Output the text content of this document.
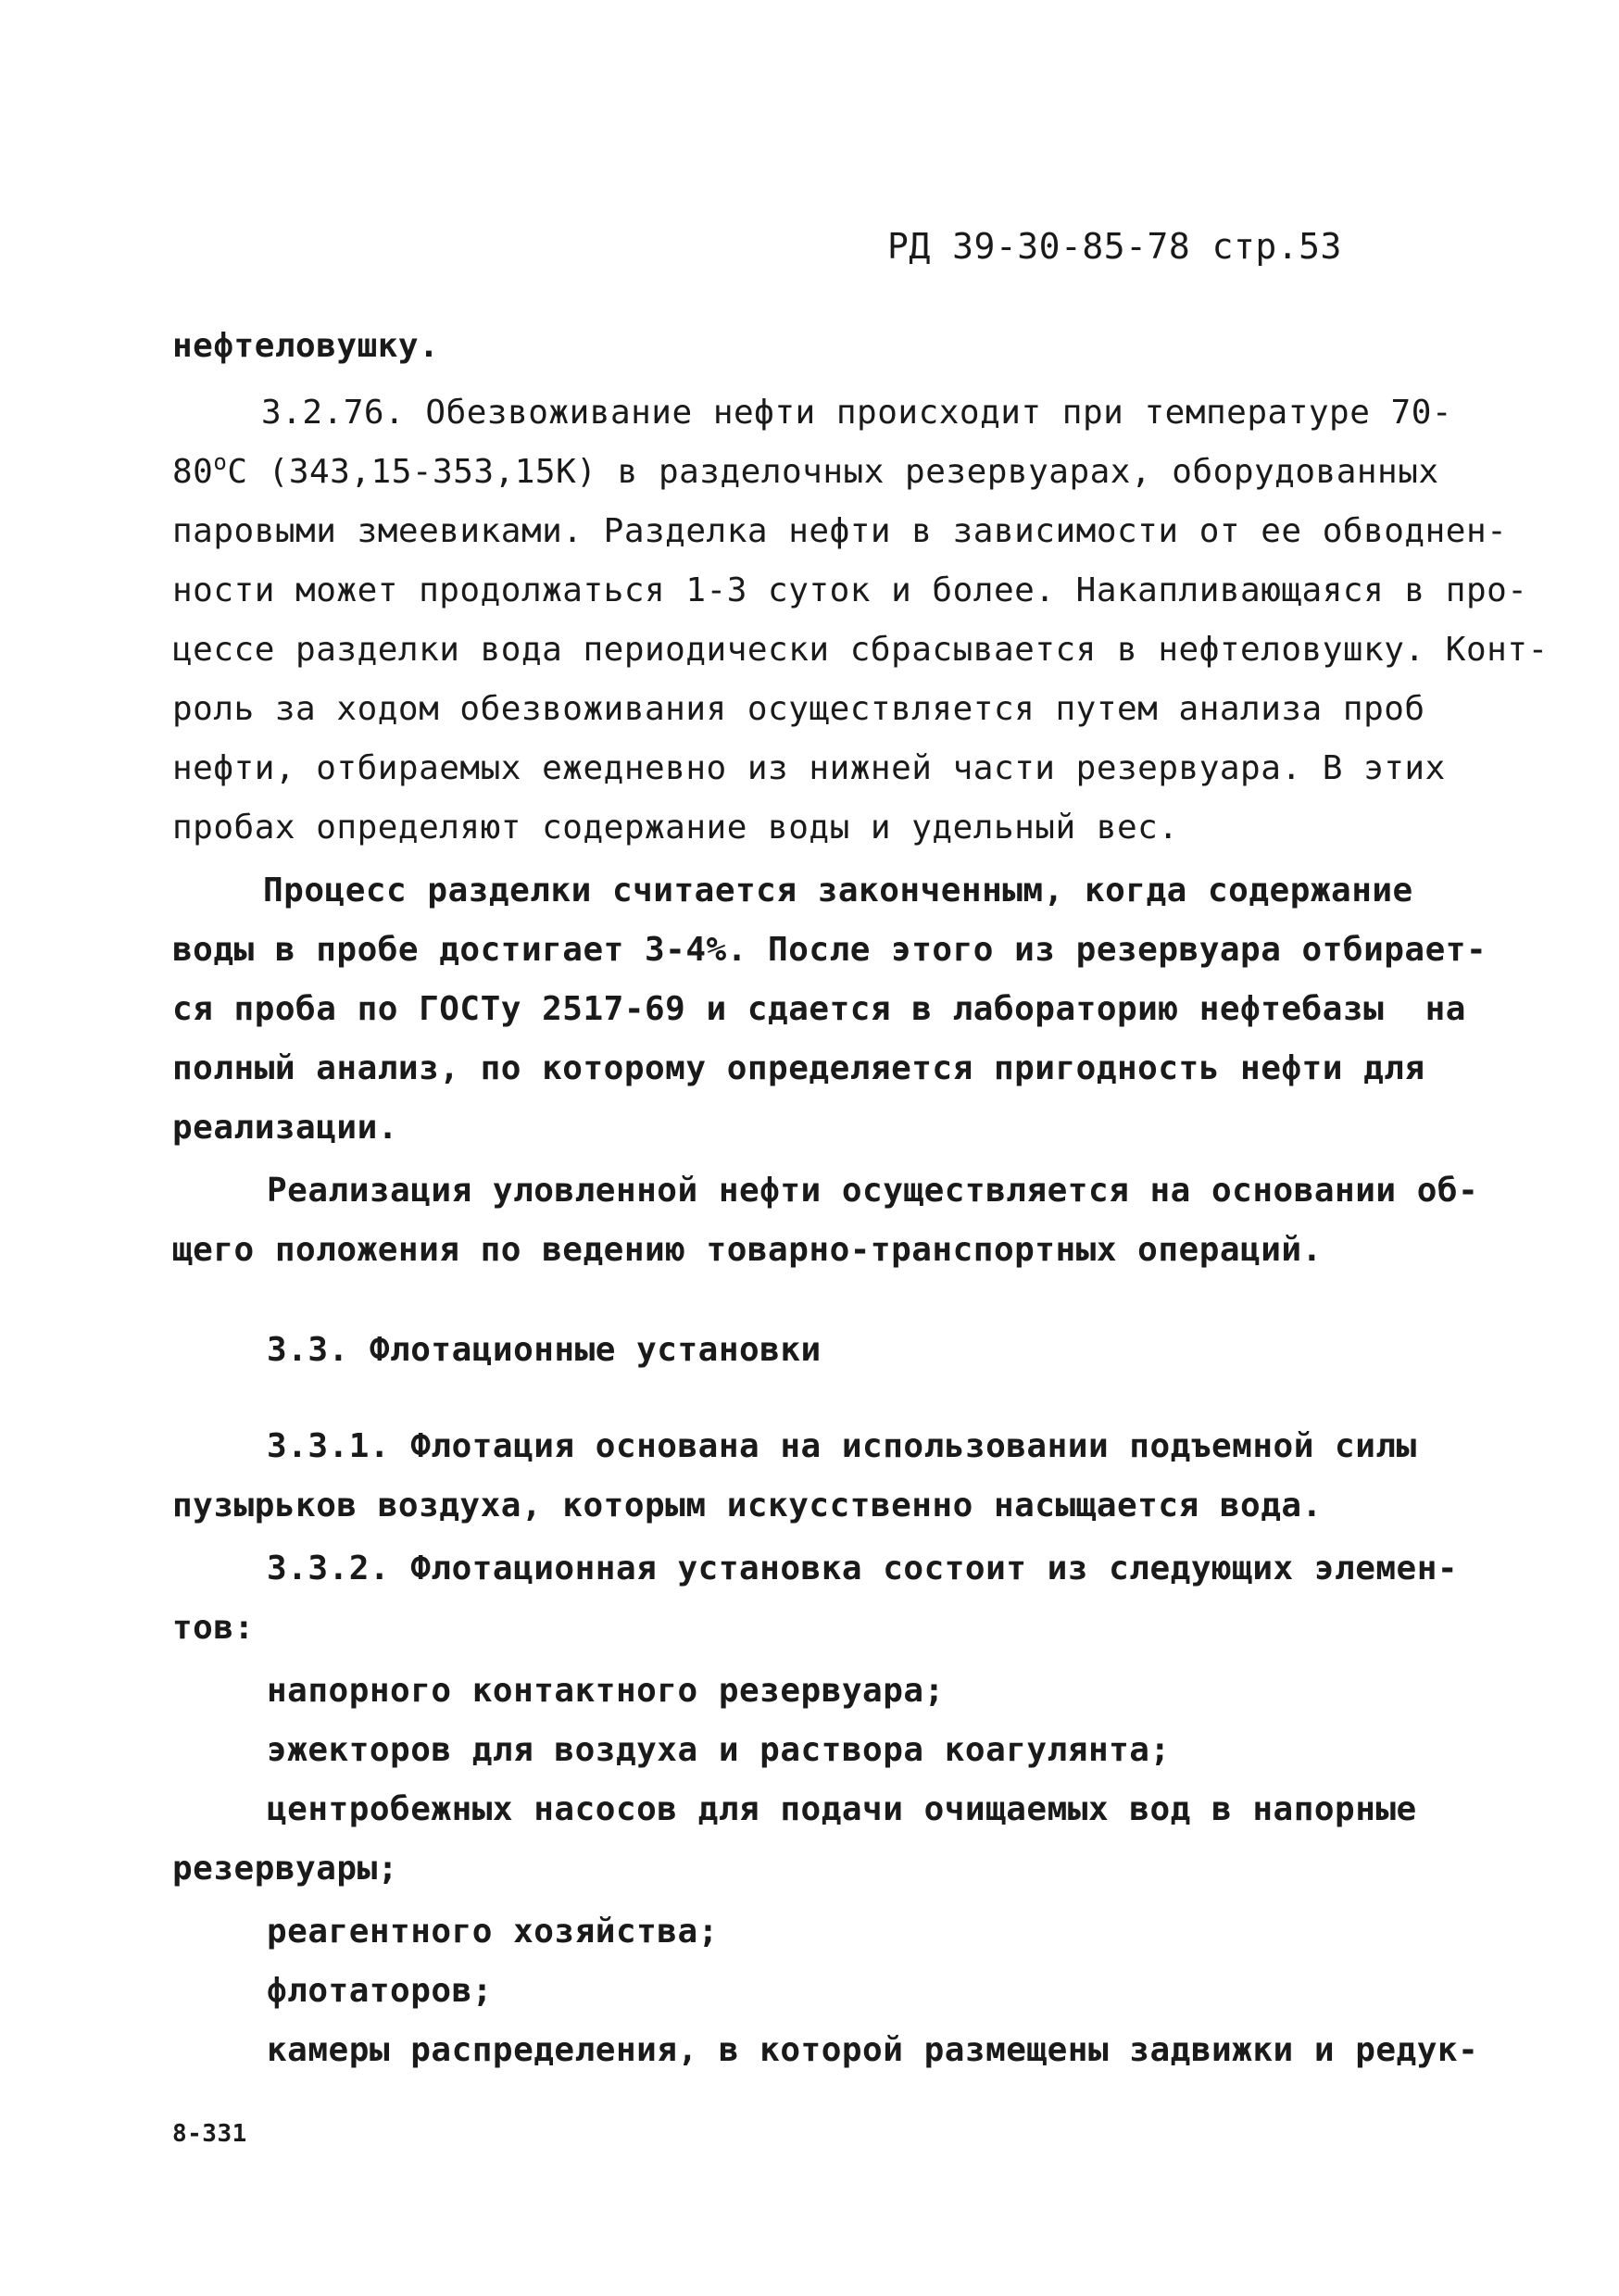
РД 39-30-85-78 стр.53
нефтеловушку.
3.2.76. Обезвоживание нефти происходит при температуре 70-
$80^оС$ (343,15-353,15К) в разделочных резервуарах, оборудованных
паровыми змеевиками. Разделка нефти в зависимости от ее обводнен-
ности может продолжаться 1-3 суток и более. Накапливающаяся в про-
цессе разделки вода периодически сбрасывается в нефтеловушку. Конт-
роль за ходом обезвоживания осуществляется путем анализа проб
нефти, отбираемых ежедневно из нижней части резервуара. В этих
пробах определяют содержание воды и удельный вес.
Процесс разделки считается законченным, когда содержание
воды в пробе достигает 3-4%. После этого из резервуара отбирает-
ся проба по ГОСТу 2517-69 и сдается в лабораторию нефтебазы  на
полный анализ, по которому определяется пригодность нефти для
реализации.
Реализация уловленной нефти осуществляется на основании об-
щего положения по ведению товарно-транспортных операций.
3.3. Флотационные установки
3.3.1. Флотация основана на использовании подъемной силы
пузырьков воздуха, которым искусственно насыщается вода.
3.3.2. Флотационная установка состоит из следующих элемен-
тов:
напорного контактного резервуара;
эжекторов для воздуха и раствора коагулянта;
центробежных насосов для подачи очищаемых вод в напорные
резервуары;
реагентного хозяйства;
флотаторов;
камеры распределения, в которой размещены задвижки и редук-
8-331
